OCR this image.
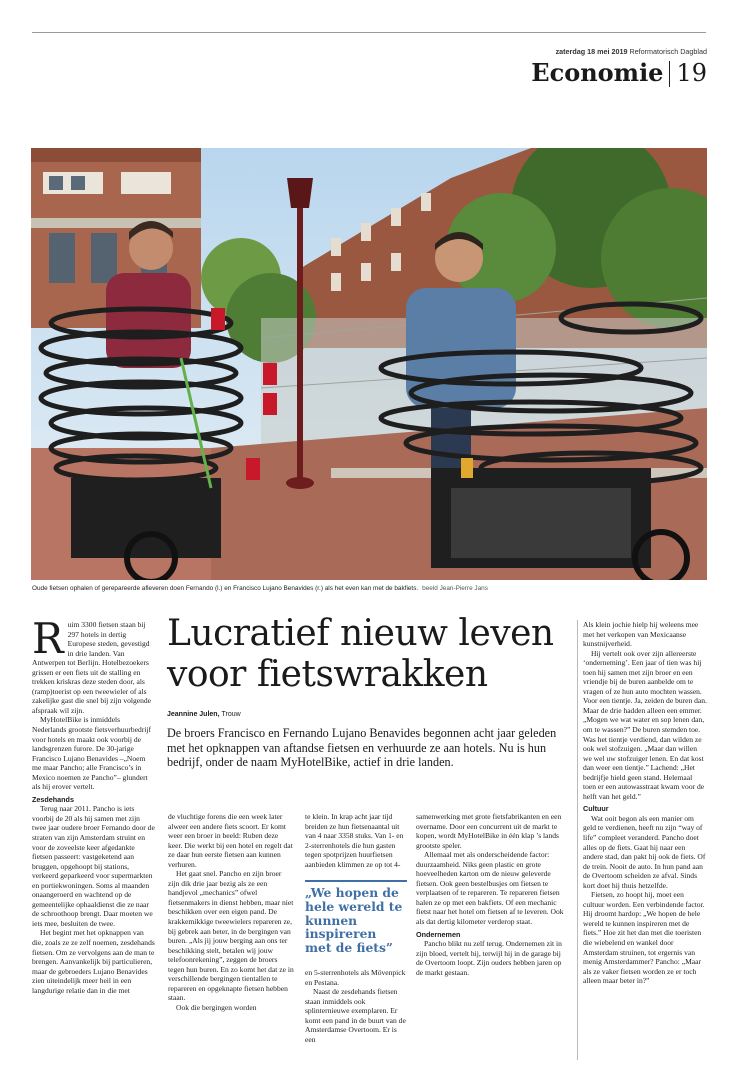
zaterdag 18 mei 2019 Reformatorisch Dagblad
Economie 19
Oude fietsen ophalen of gerepareerde afleveren doen Fernando (l.) en Francisco Lujano Benavides (r.) als het even kan met de bakfiets. beeld Jean-Pierre Jans

Ruim 3300 fietsen staan bij 297 hotels in dertig Europese steden, gevestigd in drie landen. Van Antwerpen tot Berlijn. Hotelbezoekers grissen er een fiets uit de stalling en trekken kriskras deze steden door, als (ramp)toerist op een tweewieler of als zakelijke gast die snel bij zijn volgende afspraak wil zijn.

MyHotelBike is inmiddels Nederlands grootste fietsverhuurbedrijf voor hotels en maakt ook voorbij de landsgrenzen furore. De 30-jarige Francisco Lujano Benavides –„Noem me maar Pancho; alle Francisco’s in Mexico noemen ze Pancho”– glundert als hij erover vertelt.

Zesdehands

Terug naar 2011. Pancho is iets voorbij de 20 als hij samen met zijn twee jaar oudere broer Fernando door de straten van zijn Amsterdam struint en voor de zoveelste keer afgedankte fietsen passeert: vastgeketend aan bruggen, opgehoopt bij stations, verkeerd geparkeerd voor supermarkten en portiekwoningen. Soms al maanden onaangeroerd en wachtend op de gemeentelijke ophaaldienst die ze naar de schroothoop brengt. Daar moeten we iets mee, besluiten de twee.

Het begint met het opknappen van die, zoals ze ze zelf noemen, zesdehands fietsen. Om ze vervolgens aan de man te brengen. Aanvankelijk bij particulieren, maar de gebroeders Lujano Benavides zien uiteindelijk meer heil in een langdurige relatie dan in die met

Lucratief nieuw leven
voor fietswrakken
Jeannine Julen, Trouw
De broers Francisco en Fernando Lujano Benavides begonnen acht jaar geleden met het opknappen van aftandse fietsen en verhuurde ze aan hotels. Nu is hun bedrijf, onder de naam MyHotelBike, actief in drie landen.

de vluchtige forens die een week later alweer een andere fiets scoort. Er komt weer een broer in beeld: Ruben deze keer. Die werkt bij een hotel en regelt dat ze daar hun eerste fietsen aan kunnen verhuren.

Het gaat snel. Pancho en zijn broer zijn dik drie jaar bezig als ze een handjevol „mechanics” ofwel fietsenmakers in dienst hebben, maar niet beschikken over een eigen pand. De krakkemikkige tweewielers repareren ze, bij gebrek aan beter, in de bergingen van buren. „Als jij jouw berging aan ons ter beschikking stelt, betalen wij jouw telefoonrekening”, zeggen de broers tegen hun buren. En zo komt het dat ze in verschillende bergingen tientallen te repareren en opgeknapte fietsen hebben staan.

Ook die bergingen worden

te klein. In krap acht jaar tijd breiden ze hun fietsenaantal uit van 4 naar 3358 stuks. Van 1- en 2-sterrenhotels die hun gasten tegen spotprijzen huurfietsen aanbieden klimmen ze op tot 4-

„We hopen de hele wereld te kunnen inspireren met de fiets”

en 5-sterrenhotels als Mövenpick en Pestana.

Naast de zesdehands fietsen staan inmiddels ook splinternieuwe exemplaren. Er komt een pand in de buurt van de Amsterdamse Overtoom. Er is een

samenwerking met grote fietsfabrikanten en een overname. Door een concurrent uit de markt te kopen, wordt MyHotelBike in één klap ’s lands grootste speler.

Allemaal met als onderscheidende factor: duurzaamheid. Niks geen plastic en grote hoeveelheden karton om de nieuw geleverde fietsen. Ook geen bestelbusjes om fietsen te verplaatsen of te repareren. Te repareren fietsen halen ze op met een bakfiets. Of een mechanic fietst naar het hotel om fietsen af te leveren. Ook als dat dertig kilometer verderop staat.

Ondernemen

Pancho blikt nu zelf terug. Ondernemen zit in zijn bloed, vertelt hij, terwijl hij in de garage bij de Overtoom loopt. Zijn ouders hebben jaren op de markt gestaan.

Als klein jochie hielp hij weleens mee met het verkopen van Mexicaanse kunstnijverheid.

Hij vertelt ook over zijn allereerste ‘onderneming’. Een jaar of tien was hij toen hij samen met zijn broer en een vriendje bij de buren aanbelde om te vragen of ze hun auto mochten wassen. Voor een tientje. Ja, zeiden de buren dan. Maar de drie hadden alleen een emmer. „Mogen we wat water en sop lenen dan, om te wassen?” De buren stemden toe. Was het tientje verdiend, dan wilden ze ook wel stofzuigen. „Maar dan willen we wel uw stofzuiger lenen. En dat kost dan weer een tientje.” Lachend: „Het bedrijfje hield geen stand. Helemaal toen er een autowasstraat kwam voor de helft van het geld.”

Cultuur

Wat ooit begon als een manier om geld te verdienen, heeft nu zijn “way of life” compleet veranderd. Pancho doet alles op de fiets. Gaat hij naar een andere stad, dan pakt hij ook de fiets. Of de trein. Nooit de auto. In hun pand aan de Overtoom scheiden ze afval. Sinds kort doet hij thuis hetzelfde.

Fietsen, zo hoopt hij, moet een cultuur worden. Een verbindende factor. Hij droomt hardop: „We hopen de hele wereld te kunnen inspireren met de fiets.” Hoe zit het dan met die toeristen die wiebelend en wankel door Amsterdam struinen, tot ergernis van menig Amsterdammer? Pancho: „Maar als ze vaker fietsen worden ze er toch alleen maar beter in?”
